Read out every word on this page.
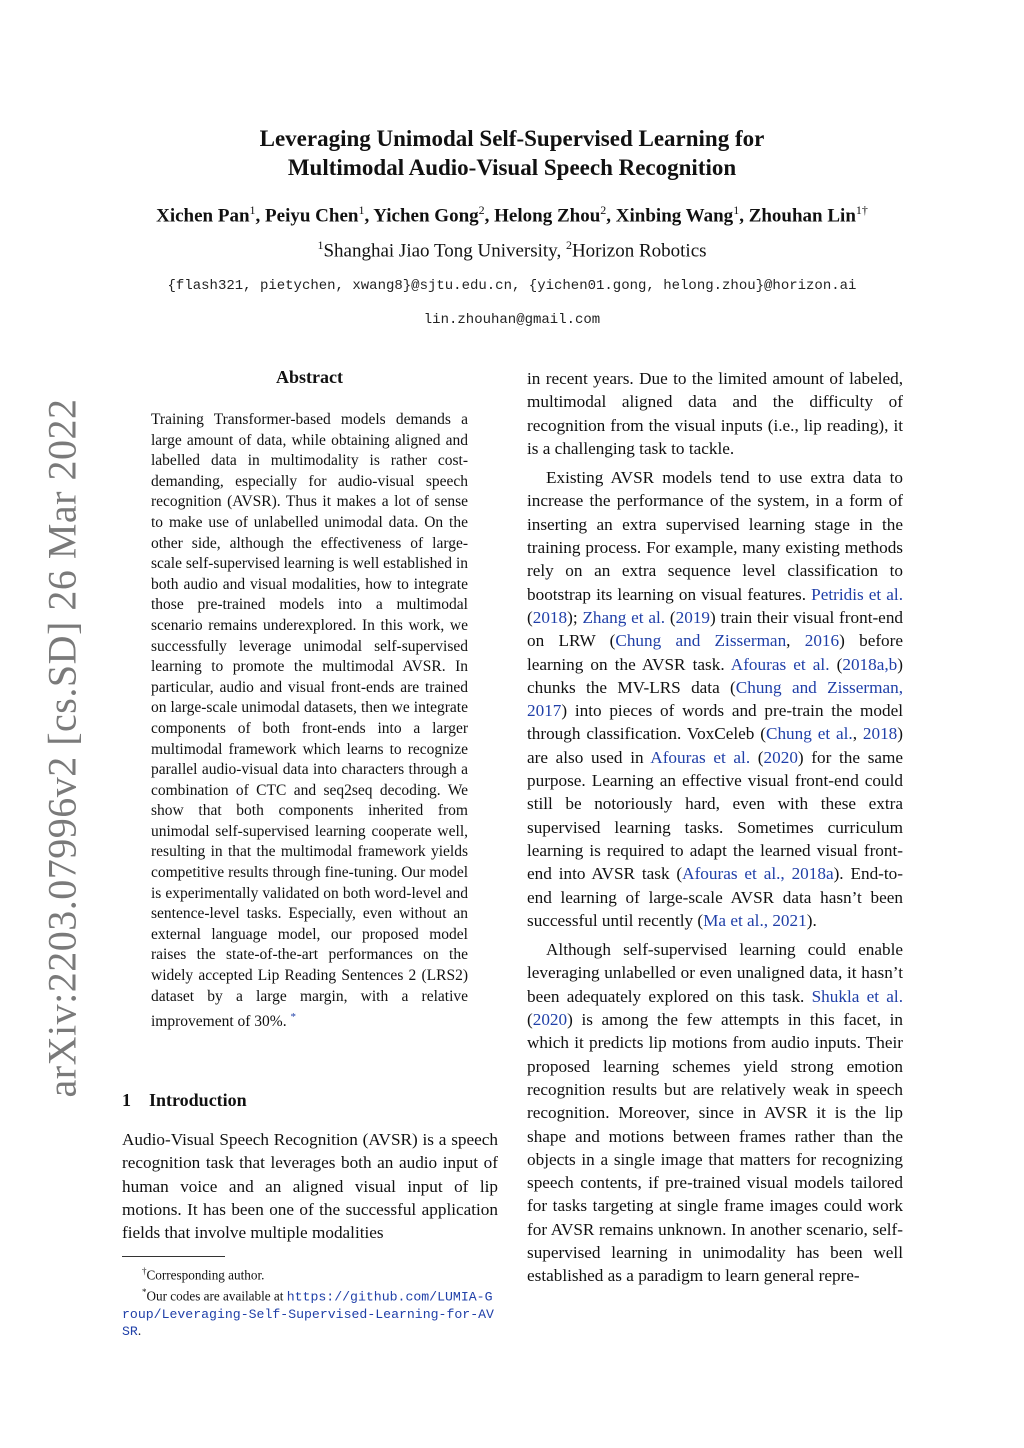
arXiv:2203.07996v2 [cs.SD] 26 Mar 2022
Leveraging Unimodal Self-Supervised Learning for
Multimodal Audio-Visual Speech Recognition
Xichen Pan$^1$, Peiyu Chen$^1$, Yichen Gong$^2$, Helong Zhou$^2$, Xinbing Wang$^1$, Zhouhan Lin$^{1\dagger}$
$^1$Shanghai Jiao Tong University, $^2$Horizon Robotics
{flash321, pietychen, xwang8}@sjtu.edu.cn, {yichen01.gong, helong.zhou}@horizon.ai
lin.zhouhan@gmail.com
Abstract
Training Transformer-based models demands a large amount of data, while obtaining aligned and labelled data in multimodality is rather cost-demanding, especially for audio-visual speech recognition (AVSR). Thus it makes a lot of sense to make use of unlabelled unimodal data. On the other side, although the effectiveness of large-scale self-supervised learning is well established in both audio and visual modalities, how to integrate those pre-trained models into a multimodal scenario remains underexplored. In this work, we successfully leverage unimodal self-supervised learning to promote the multimodal AVSR. In particular, audio and visual front-ends are trained on large-scale unimodal datasets, then we integrate components of both front-ends into a larger multimodal framework which learns to recognize parallel audio-visual data into characters through a combination of CTC and seq2seq decoding. We show that both components inherited from unimodal self-supervised learning cooperate well, resulting in that the multimodal framework yields competitive results through fine-tuning. Our model is experimentally validated on both word-level and sentence-level tasks. Especially, even without an external language model, our proposed model raises the state-of-the-art performances on the widely accepted Lip Reading Sentences 2 (LRS2) dataset by a large margin, with a relative improvement of 30%. *
1 Introduction
Audio-Visual Speech Recognition (AVSR) is a speech recognition task that leverages both an audio input of human voice and an aligned visual input of lip motions. It has been one of the successful application fields that involve multiple modalities
†Corresponding author.
*Our codes are available at https://github.com/LUMIA-Group/Leveraging-Self-Supervised-Learning-for-AVSR.

in recent years. Due to the limited amount of labeled, multimodal aligned data and the difficulty of recognition from the visual inputs (i.e., lip reading), it is a challenging task to tackle.

Existing AVSR models tend to use extra data to increase the performance of the system, in a form of inserting an extra supervised learning stage in the training process. For example, many existing methods rely on an extra sequence level classification to bootstrap its learning on visual features. Petridis et al. (2018); Zhang et al. (2019) train their visual front-end on LRW (Chung and Zisserman, 2016) before learning on the AVSR task. Afouras et al. (2018a,b) chunks the MV-LRS data (Chung and Zisserman, 2017) into pieces of words and pre-train the model through classification. VoxCeleb (Chung et al., 2018) are also used in Afouras et al. (2020) for the same purpose. Learning an effective visual front-end could still be notoriously hard, even with these extra supervised learning tasks. Sometimes curriculum learning is required to adapt the learned visual front-end into AVSR task (Afouras et al., 2018a). End-to-end learning of large-scale AVSR data hasn’t been successful until recently (Ma et al., 2021).

Although self-supervised learning could enable leveraging unlabelled or even unaligned data, it hasn’t been adequately explored on this task. Shukla et al. (2020) is among the few attempts in this facet, in which it predicts lip motions from audio inputs. Their proposed learning schemes yield strong emotion recognition results but are relatively weak in speech recognition. Moreover, since in AVSR it is the lip shape and motions between frames rather than the objects in a single image that matters for recognizing speech contents, if pre-trained visual models tailored for tasks targeting at single frame images could work for AVSR remains unknown. In another scenario, self-supervised learning in unimodality has been well established as a paradigm to learn general repre-
